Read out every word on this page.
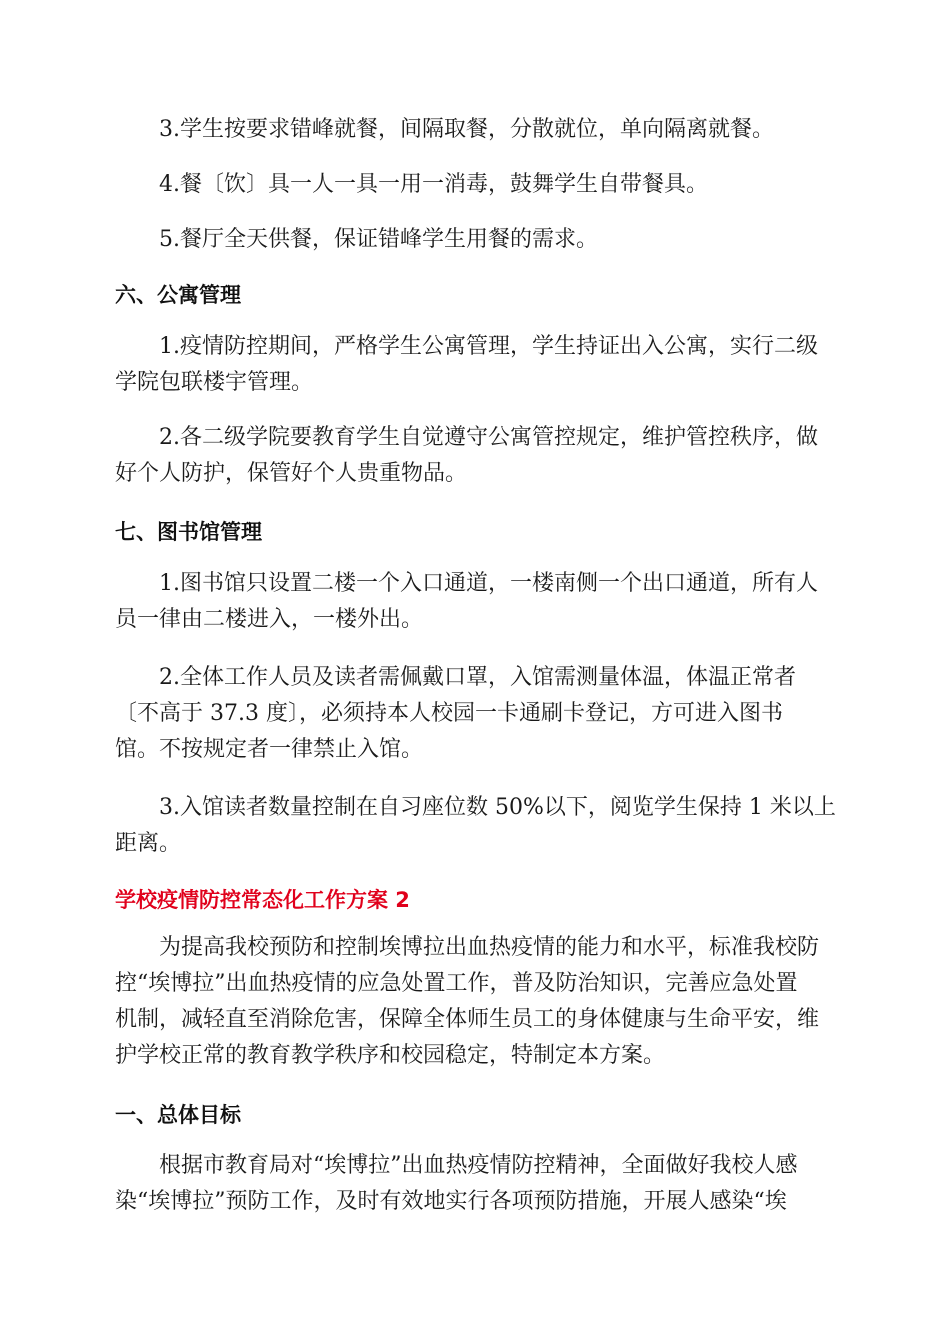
3.学生按要求错峰就餐，间隔取餐，分散就位，单向隔离就餐。

4.餐〔饮〕具一人一具一用一消毒，鼓舞学生自带餐具。

5.餐厅全天供餐，保证错峰学生用餐的需求。

六、公寓管理

1.疫情防控期间，严格学生公寓管理，学生持证出入公寓，实行二级
学院包联楼宇管理。

2.各二级学院要教育学生自觉遵守公寓管控规定，维护管控秩序，做
好个人防护，保管好个人贵重物品。

七、图书馆管理

1.图书馆只设置二楼一个入口通道，一楼南侧一个出口通道，所有人
员一律由二楼进入，一楼外出。

2.全体工作人员及读者需佩戴口罩，入馆需测量体温，体温正常者
〔不高于 37.3 度〕，必须持本人校园一卡通刷卡登记，方可进入图书
馆。不按规定者一律禁止入馆。

3.入馆读者数量控制在自习座位数 50%以下，阅览学生保持 1 米以上
距离。

学校疫情防控常态化工作方案 2

为提高我校预防和控制埃博拉出血热疫情的能力和水平，标准我校防
控“埃博拉”出血热疫情的应急处置工作，普及防治知识，完善应急处置
机制，减轻直至消除危害，保障全体师生员工的身体健康与生命平安，维
护学校正常的教育教学秩序和校园稳定，特制定本方案。

一、总体目标

根据市教育局对“埃博拉”出血热疫情防控精神，全面做好我校人感
染“埃博拉”预防工作，及时有效地实行各项预防措施，开展人感染“埃
